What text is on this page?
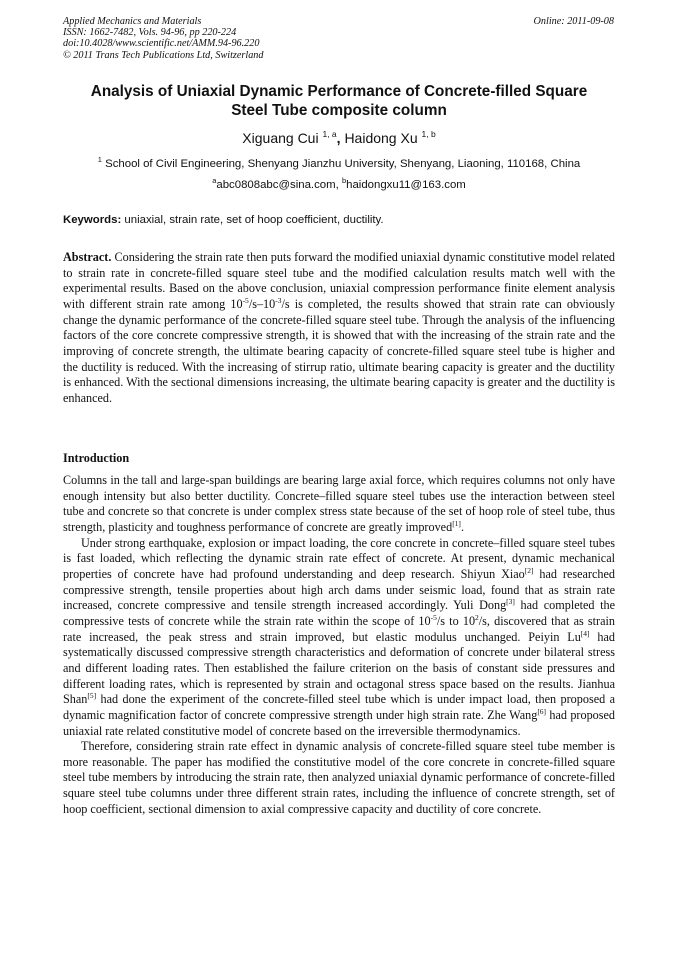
Applied Mechanics and Materials
ISSN: 1662-7482, Vols. 94-96, pp 220-224
doi:10.4028/www.scientific.net/AMM.94-96.220
© 2011 Trans Tech Publications Ltd, Switzerland
Online: 2011-09-08
Analysis of Uniaxial Dynamic Performance of Concrete-filled Square
Steel Tube composite column
Xiguang Cui $^{1, a}$, Haidong Xu $^{1, b}$
$^1$ School of Civil Engineering, Shenyang Jianzhu University, Shenyang, Liaoning, 110168, China
$^a$abc0808abc@sina.com, $^b$haidongxu11@163.com
Keywords: uniaxial, strain rate, set of hoop coefficient, ductility.
Abstract. Considering the strain rate then puts forward the modified uniaxial dynamic constitutive model related to strain rate in concrete-filled square steel tube and the modified calculation results match well with the experimental results. Based on the above conclusion, uniaxial compression performance finite element analysis with different strain rate among $10^{-5}/s-10^{-3}/s$ is completed, the results showed that strain rate can obviously change the dynamic performance of the concrete-filled square steel tube. Through the analysis of the influencing factors of the core concrete compressive strength, it is showed that with the increasing of the strain rate and the improving of concrete strength, the ultimate bearing capacity of concrete-filled square steel tube is higher and the ductility is reduced. With the increasing of stirrup ratio, ultimate bearing capacity is greater and the ductility is enhanced. With the sectional dimensions increasing, the ultimate bearing capacity is greater and the ductility is enhanced.
Introduction

Columns in the tall and large-span buildings are bearing large axial force, which requires columns not only have enough intensity but also better ductility. Concrete–filled square steel tubes use the interaction between steel tube and concrete so that concrete is under complex stress state because of the set of hoop role of steel tube, thus strength, plasticity and toughness performance of concrete are greatly improved[1].

Under strong earthquake, explosion or impact loading, the core concrete in concrete–filled square steel tubes is fast loaded, which reflecting the dynamic strain rate effect of concrete. At present, dynamic mechanical properties of concrete have had profound understanding and deep research. Shiyun Xiao[2] had researched compressive strength, tensile properties about high arch dams under seismic load, found that as strain rate increased, concrete compressive and tensile strength increased accordingly. Yuli Dong[3] had completed the compressive tests of concrete while the strain rate within the scope of $10^{-5}/s$ to $10^2/s$, discovered that as strain rate increased, the peak stress and strain improved, but elastic modulus unchanged. Peiyin Lu[4] had systematically discussed compressive strength characteristics and deformation of concrete under bilateral stress and different loading rates. Then established the failure criterion on the basis of constant side pressures and different loading rates, which is represented by strain and octagonal stress space based on the results. Jianhua Shan[5] had done the experiment of the concrete-filled steel tube which is under impact load, then proposed a dynamic magnification factor of concrete compressive strength under high strain rate. Zhe Wang[6] had proposed uniaxial rate related constitutive model of concrete based on the irreversible thermodynamics.

Therefore, considering strain rate effect in dynamic analysis of concrete-filled square steel tube member is more reasonable. The paper has modified the constitutive model of the core concrete in concrete-filled square steel tube members by introducing the strain rate, then analyzed uniaxial dynamic performance of concrete-filled square steel tube columns under three different strain rates, including the influence of concrete strength, set of hoop coefficient, sectional dimension to axial compressive capacity and ductility of core concrete.
